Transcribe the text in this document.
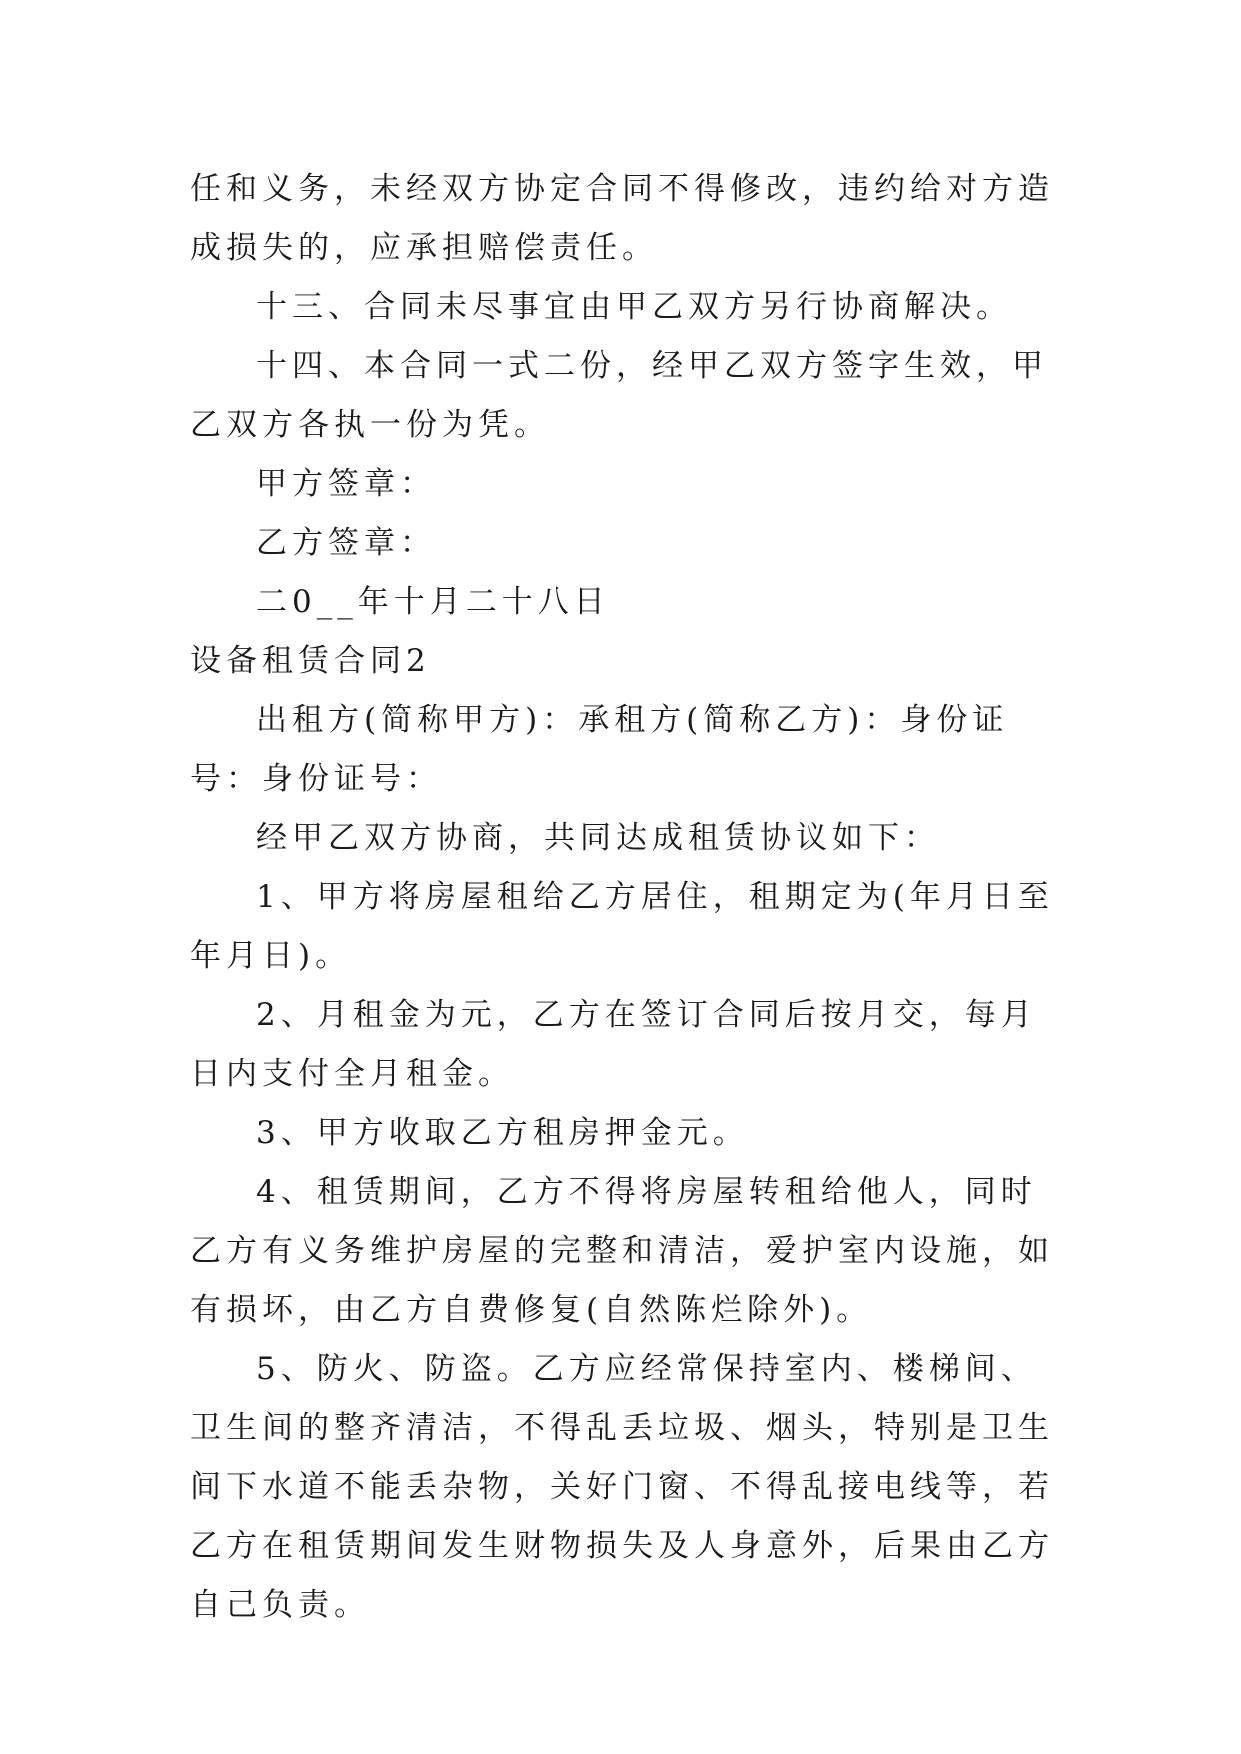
任和义务，未经双方协定合同不得修改，违约给对方造成损失的，应承担赔偿责任。

十三、合同未尽事宜由甲乙双方另行协商解决。

十四、本合同一式二份，经甲乙双方签字生效，甲乙双方各执一份为凭。

甲方签章：

乙方签章：

二0__年十月二十八日

设备租赁合同2

出租方(简称甲方)：承租方(简称乙方)：身份证号：身份证号：

经甲乙双方协商，共同达成租赁协议如下：

1、甲方将房屋租给乙方居住，租期定为(年月日至年月日)。

2、月租金为元，乙方在签订合同后按月交，每月日内支付全月租金。

3、甲方收取乙方租房押金元。

4、租赁期间，乙方不得将房屋转租给他人，同时乙方有义务维护房屋的完整和清洁，爱护室内设施，如有损坏，由乙方自费修复(自然陈烂除外)。

5、防火、防盗。乙方应经常保持室内、楼梯间、卫生间的整齐清洁，不得乱丢垃圾、烟头，特别是卫生间下水道不能丢杂物，关好门窗、不得乱接电线等，若乙方在租赁期间发生财物损失及人身意外，后果由乙方自己负责。
